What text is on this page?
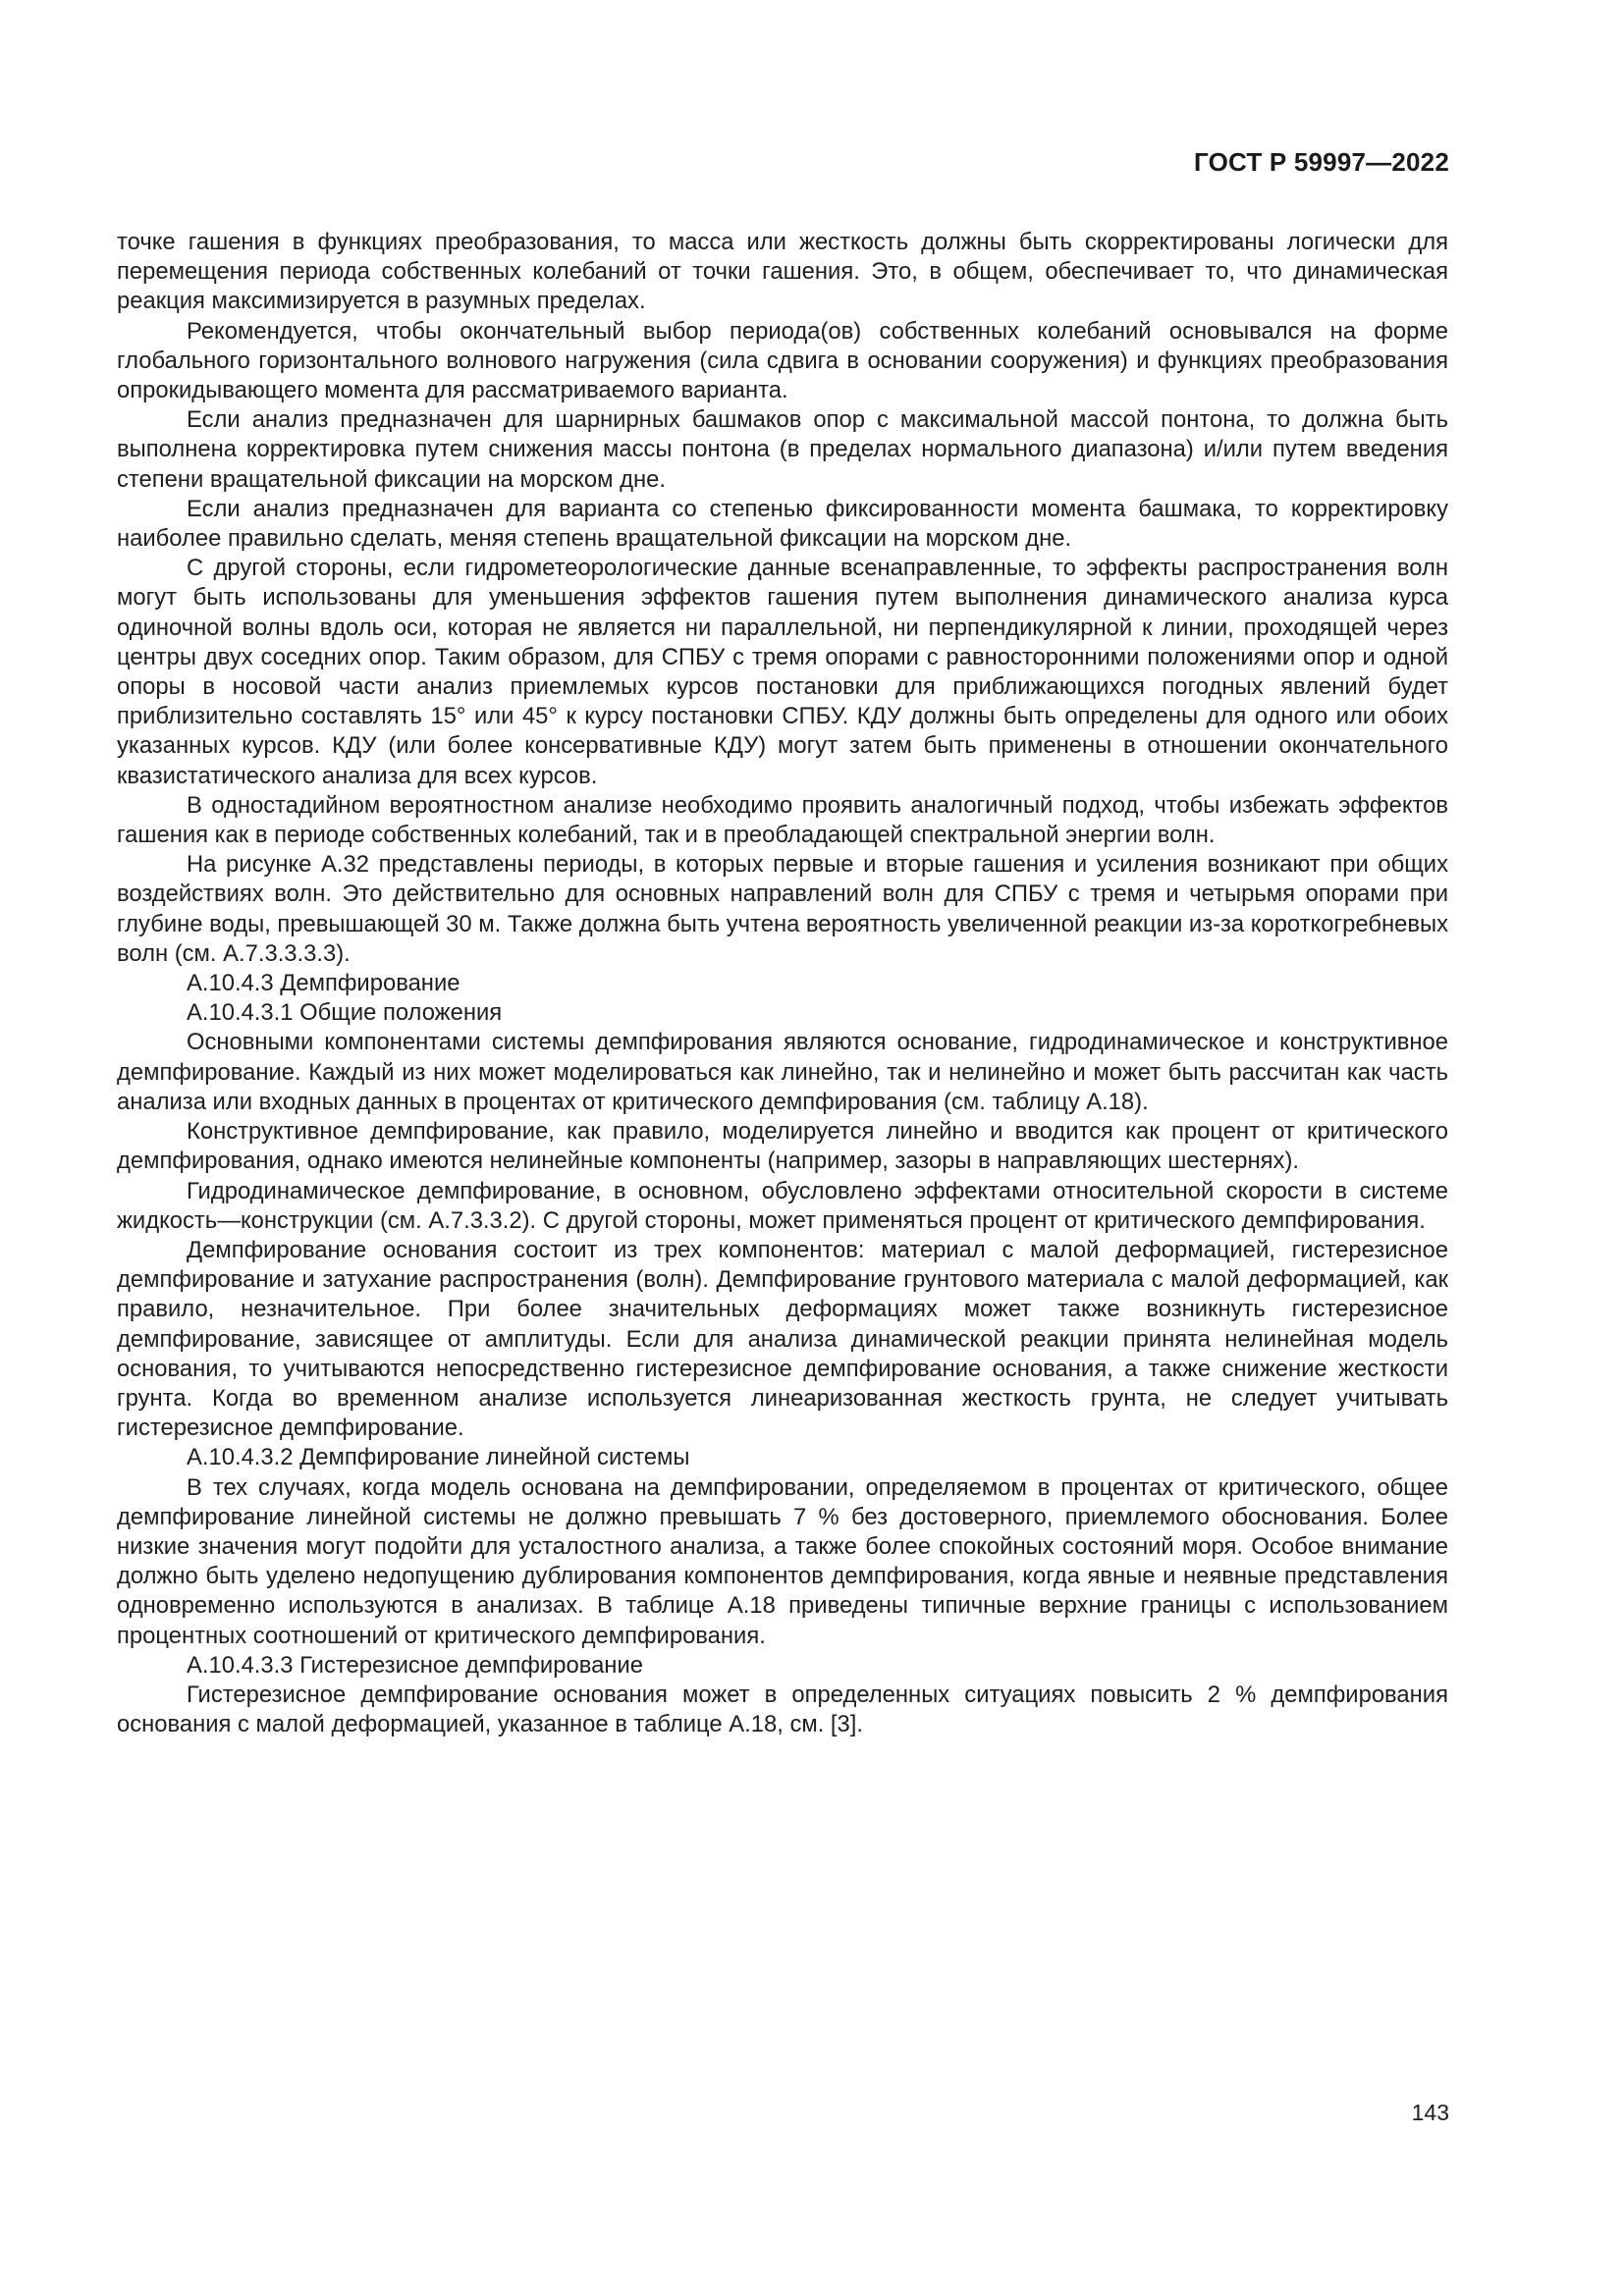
ГОСТ Р 59997—2022

точке гашения в функциях преобразования, то масса или жесткость должны быть скорректированы логически для перемещения периода собственных колебаний от точки гашения. Это, в общем, обеспечивает то, что динамическая реакция максимизируется в разумных пределах.

Рекомендуется, чтобы окончательный выбор периода(ов) собственных колебаний основывался на форме глобального горизонтального волнового нагружения (сила сдвига в основании сооружения) и функциях преобразования опрокидывающего момента для рассматриваемого варианта.

Если анализ предназначен для шарнирных башмаков опор с максимальной массой понтона, то должна быть выполнена корректировка путем снижения массы понтона (в пределах нормального диапазона) и/или путем введения степени вращательной фиксации на морском дне.

Если анализ предназначен для варианта со степенью фиксированности момента башмака, то корректировку наиболее правильно сделать, меняя степень вращательной фиксации на морском дне.

С другой стороны, если гидрометеорологические данные всенаправленные, то эффекты распространения волн могут быть использованы для уменьшения эффектов гашения путем выполнения динамического анализа курса одиночной волны вдоль оси, которая не является ни параллельной, ни перпендикулярной к линии, проходящей через центры двух соседних опор. Таким образом, для СПБУ с тремя опорами с равносторонними положениями опор и одной опоры в носовой части анализ приемлемых курсов постановки для приближающихся погодных явлений будет приблизительно составлять 15° или 45° к курсу постановки СПБУ. КДУ должны быть определены для одного или обоих указанных курсов. КДУ (или более консервативные КДУ) могут затем быть применены в отношении окончательного квазистатического анализа для всех курсов.

В одностадийном вероятностном анализе необходимо проявить аналогичный подход, чтобы избежать эффектов гашения как в периоде собственных колебаний, так и в преобладающей спектральной энергии волн.

На рисунке А.32 представлены периоды, в которых первые и вторые гашения и усиления возникают при общих воздействиях волн. Это действительно для основных направлений волн для СПБУ с тремя и четырьмя опорами при глубине воды, превышающей 30 м. Также должна быть учтена вероятность увеличенной реакции из-за короткогребневых волн (см. А.7.3.3.3.3).

А.10.4.3 Демпфирование

А.10.4.3.1 Общие положения

Основными компонентами системы демпфирования являются основание, гидродинамическое и конструктивное демпфирование. Каждый из них может моделироваться как линейно, так и нелинейно и может быть рассчитан как часть анализа или входных данных в процентах от критического демпфирования (см. таблицу А.18).

Конструктивное демпфирование, как правило, моделируется линейно и вводится как процент от критического демпфирования, однако имеются нелинейные компоненты (например, зазоры в направляющих шестернях).

Гидродинамическое демпфирование, в основном, обусловлено эффектами относительной скорости в системе жидкость—конструкции (см. А.7.3.3.2). С другой стороны, может применяться процент от критического демпфирования.

Демпфирование основания состоит из трех компонентов: материал с малой деформацией, гистерезисное демпфирование и затухание распространения (волн). Демпфирование грунтового материала с малой деформацией, как правило, незначительное. При более значительных деформациях может также возникнуть гистерезисное демпфирование, зависящее от амплитуды. Если для анализа динамической реакции принята нелинейная модель основания, то учитываются непосредственно гистерезисное демпфирование основания, а также снижение жесткости грунта. Когда во временном анализе используется линеаризованная жесткость грунта, не следует учитывать гистерезисное демпфирование.

А.10.4.3.2 Демпфирование линейной системы

В тех случаях, когда модель основана на демпфировании, определяемом в процентах от критического, общее демпфирование линейной системы не должно превышать 7 % без достоверного, приемлемого обоснования. Более низкие значения могут подойти для усталостного анализа, а также более спокойных состояний моря. Особое внимание должно быть уделено недопущению дублирования компонентов демпфирования, когда явные и неявные представления одновременно используются в анализах. В таблице А.18 приведены типичные верхние границы с использованием процентных соотношений от критического демпфирования.

А.10.4.3.3 Гистерезисное демпфирование

Гистерезисное демпфирование основания может в определенных ситуациях повысить 2 % демпфирования основания с малой деформацией, указанное в таблице А.18, см. [3].

143
